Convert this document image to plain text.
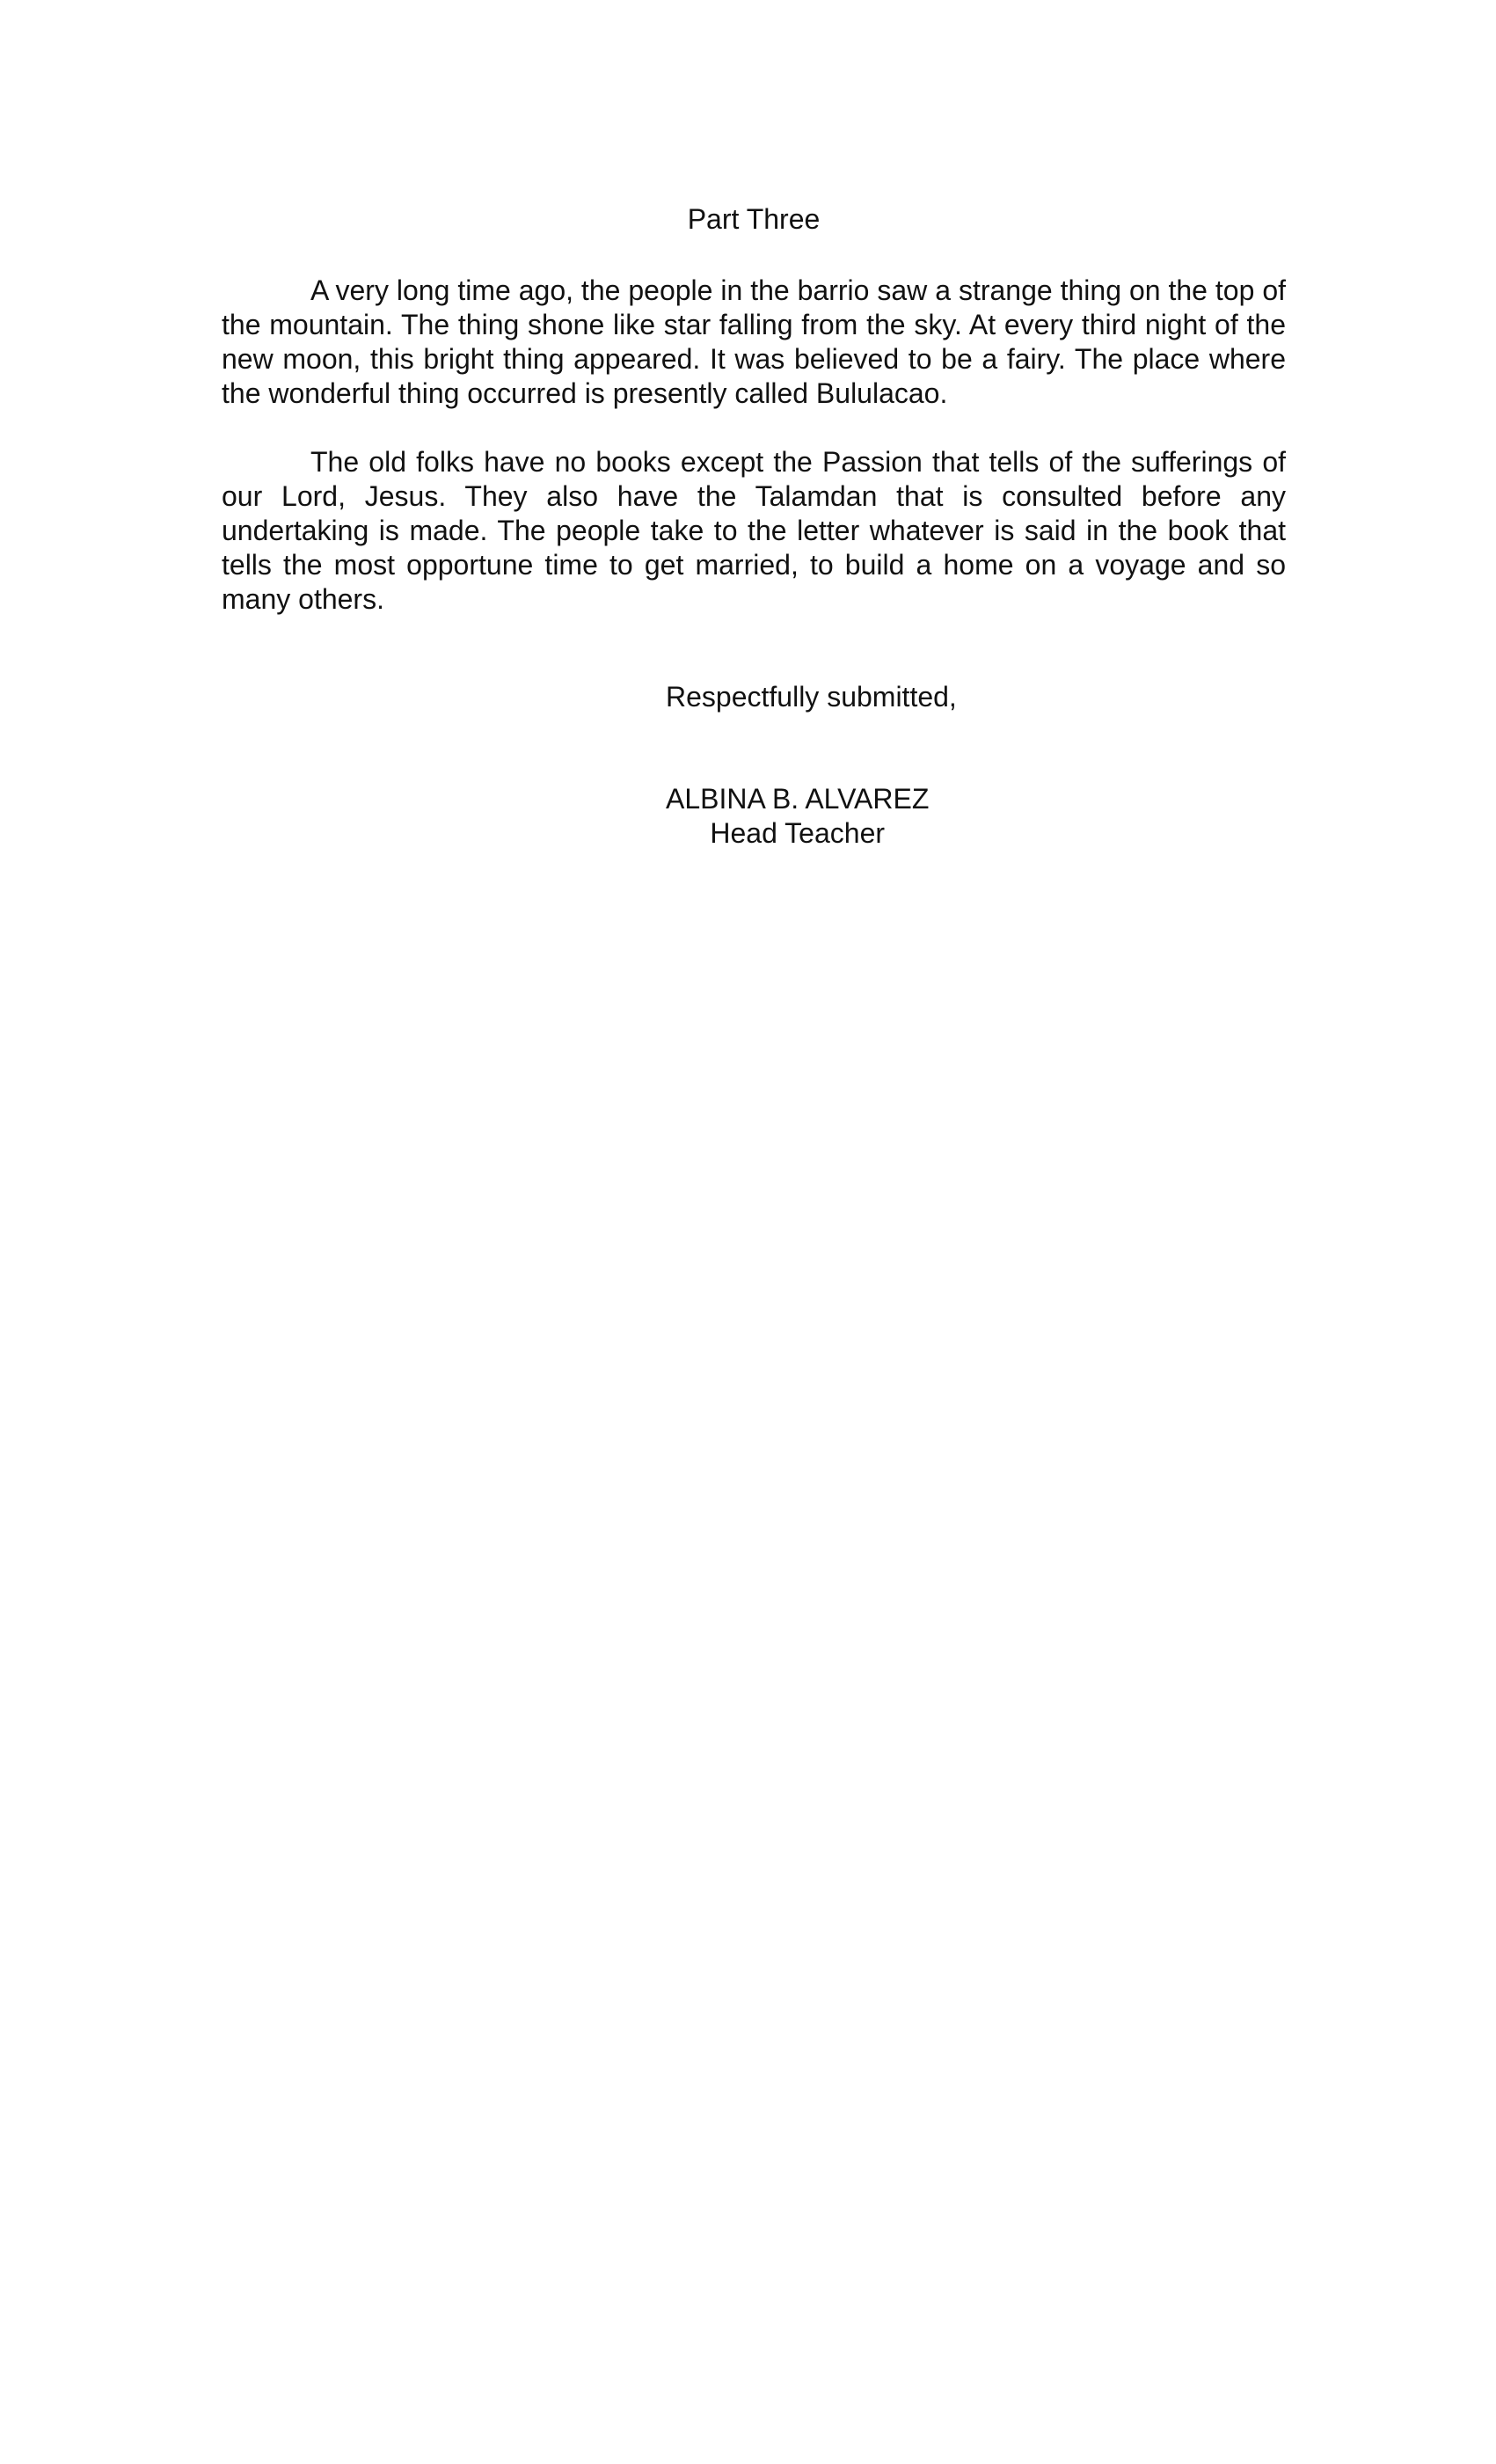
Part Three

A very long time ago, the people in the barrio saw a strange thing on the top of the mountain. The thing shone like star falling from the sky. At every third night of the new moon, this bright thing appeared. It was believed to be a fairy. The place where the wonderful thing occurred is presently called Bululacao.

The old folks have no books except the Passion that tells of the sufferings of our Lord, Jesus. They also have the Talamdan that is consulted before any undertaking is made. The people take to the letter whatever is said in the book that tells the most opportune time to get married, to build a home on a voyage and so many others.

Respectfully submitted,
ALBINA B. ALVAREZ
Head Teacher
